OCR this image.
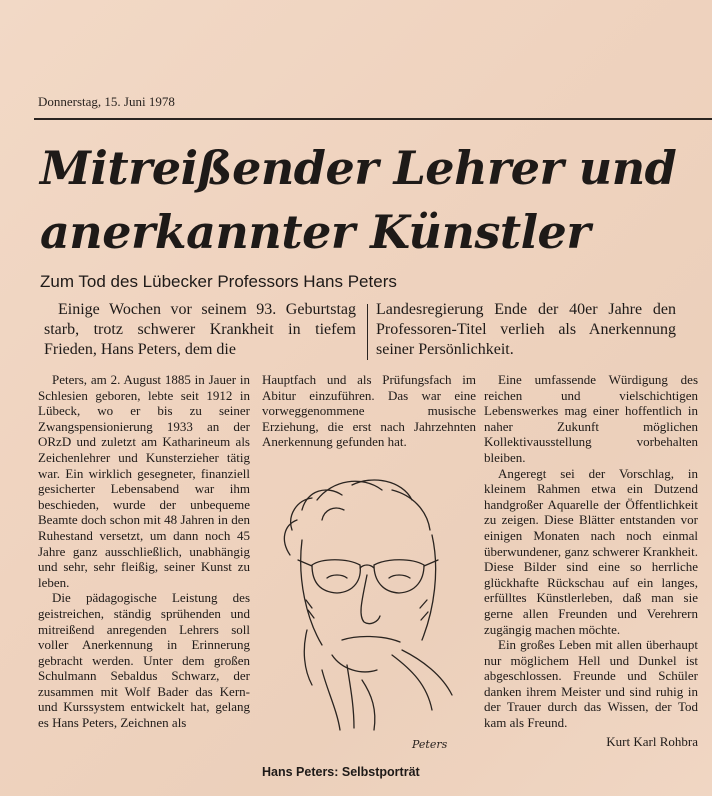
Donnerstag, 15. Juni 1978
Mitreißender Lehrer und
anerkannter Künstler
Zum Tod des Lübecker Professors Hans Peters
Einige Wochen vor seinem 93. Geburtstag starb, trotz schwerer Krankheit in tiefem Frieden, Hans Peters, dem die
Landesregierung Ende der 40er Jahre den Professoren-Titel verlieh als Anerkennung seiner Persönlichkeit.

Peters, am 2. August 1885 in Jauer in Schlesien geboren, lebte seit 1912 in Lübeck, wo er bis zu seiner Zwangspensionierung 1933 an der ORzD und zuletzt am Katharineum als Zeichenlehrer und Kunsterzieher tätig war. Ein wirklich gesegneter, finanziell gesicherter Lebensabend war ihm beschieden, wurde der unbequeme Beamte doch schon mit 48 Jahren in den Ruhestand versetzt, um dann noch 45 Jahre ganz ausschließlich, unabhängig und sehr, sehr fleißig, seiner Kunst zu leben.

Die pädagogische Leistung des geistreichen, ständig sprühenden und mitreißend anregenden Lehrers soll voller Anerkennung in Erinnerung gebracht werden. Unter dem großen Schulmann Sebaldus Schwarz, der zusammen mit Wolf Bader das Kern- und Kurssystem entwickelt hat, gelang es Hans Peters, Zeichnen als

Hauptfach und als Prüfungsfach im Abitur einzuführen. Das war eine vorweggenommene musische Erziehung, die erst nach Jahrzehnten Anerkennung gefunden hat.

Peters

Eine umfassende Würdigung des reichen und vielschichtigen Lebenswerkes mag einer hoffentlich in naher Zukunft möglichen Kollektivausstellung vorbehalten bleiben.

Angeregt sei der Vorschlag, in kleinem Rahmen etwa ein Dutzend handgroßer Aquarelle der Öffentlichkeit zu zeigen. Diese Blätter entstanden vor einigen Monaten nach noch einmal überwundener, ganz schwerer Krankheit. Diese Bilder sind eine so herrliche glückhafte Rückschau auf ein langes, erfülltes Künstlerleben, daß man sie gerne allen Freunden und Verehrern zugängig machen möchte.

Ein großes Leben mit allen überhaupt nur möglichem Hell und Dunkel ist abgeschlossen. Freunde und Schüler danken ihrem Meister und sind ruhig in der Trauer durch das Wissen, der Tod kam als Freund.

Kurt Karl Rohbra

Hans Peters: Selbstporträt
